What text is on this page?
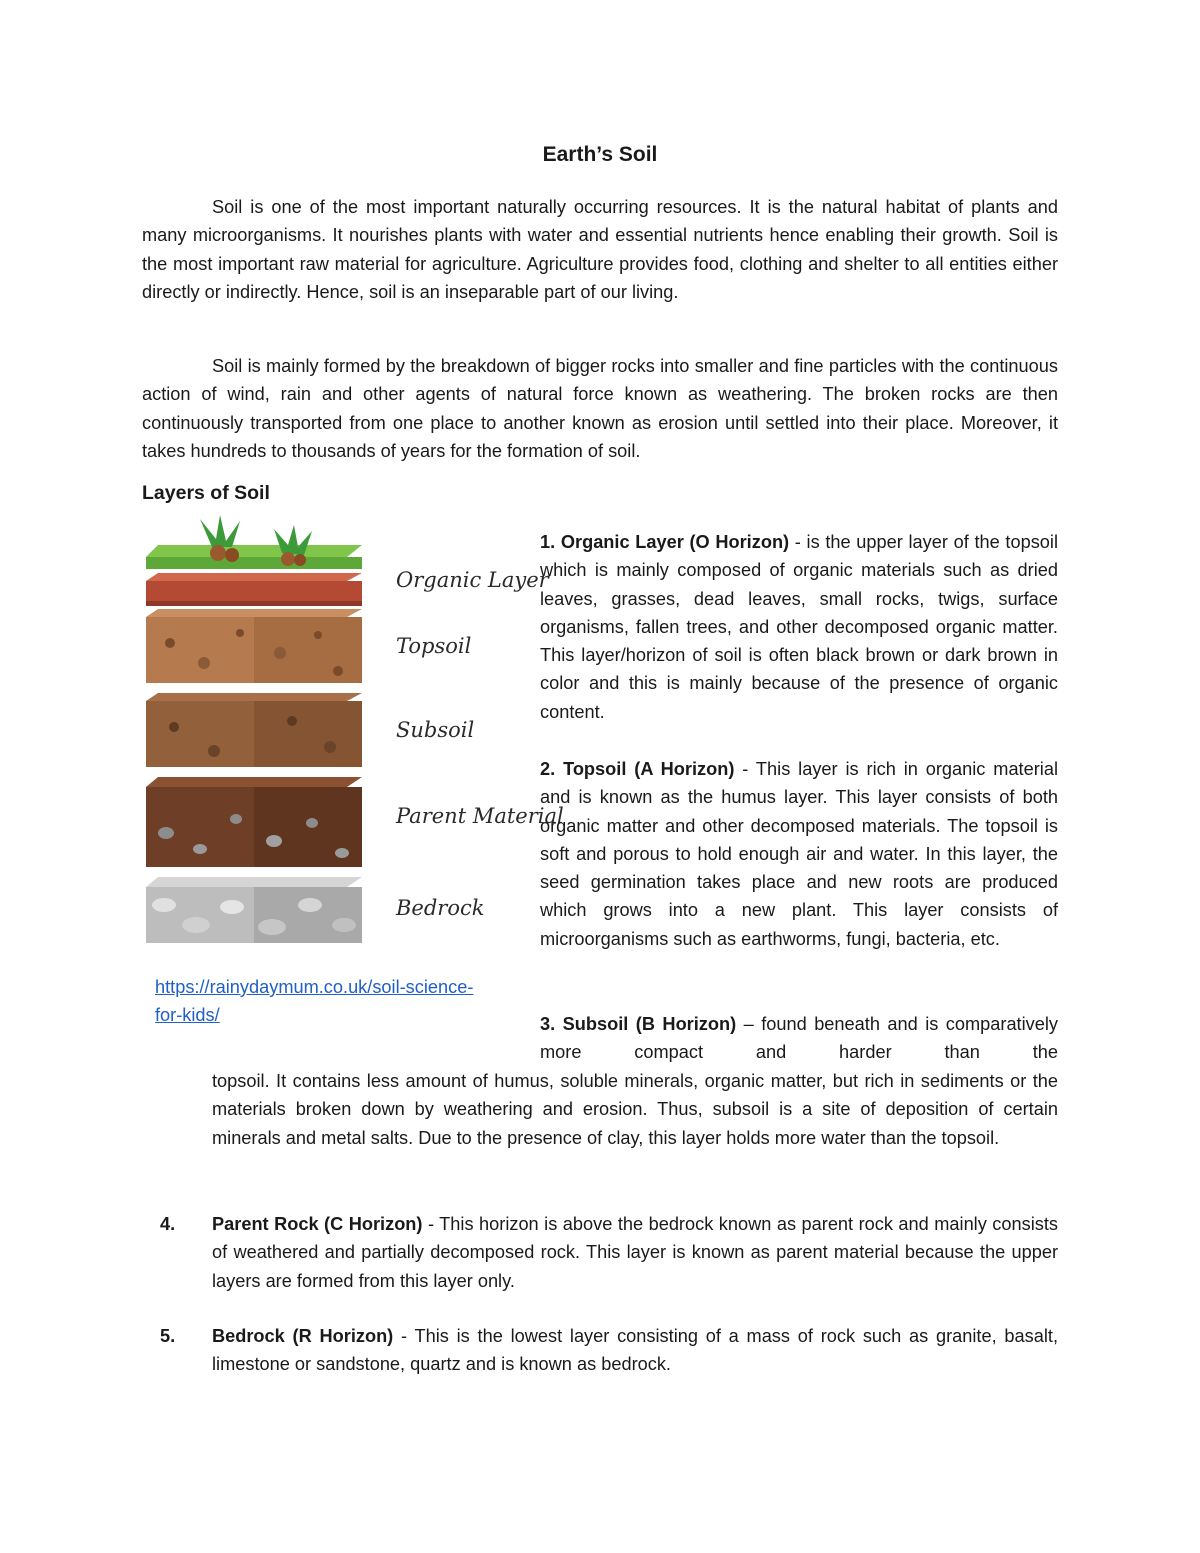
Earth’s Soil

Soil is one of the most important naturally occurring resources. It is the natural habitat of plants and many microorganisms. It nourishes plants with water and essential nutrients hence enabling their growth. Soil is the most important raw material for agriculture. Agriculture provides food, clothing and shelter to all entities either directly or indirectly. Hence, soil is an inseparable part of our living.

Soil is mainly formed by the breakdown of bigger rocks into smaller and fine particles with the continuous action of wind, rain and other agents of natural force known as weathering. The broken rocks are then continuously transported from one place to another known as erosion until settled into their place. Moreover, it takes hundreds to thousands of years for the formation of soil.

Layers of Soil
Organic Layer
Topsoil
Subsoil
Parent Material
Bedrock
https://rainydaymum.co.uk/soil-science-for-kids/

1. Organic Layer (O Horizon) - is the upper layer of the topsoil which is mainly composed of organic materials such as dried leaves, grasses, dead leaves, small rocks, twigs, surface organisms, fallen trees, and other decomposed organic matter. This layer/horizon of soil is often black brown or dark brown in color and this is mainly because of the presence of organic content.

2. Topsoil (A Horizon) - This layer is rich in organic material and is known as the humus layer. This layer consists of both organic matter and other decomposed materials. The topsoil is soft and porous to hold enough air and water. In this layer, the seed germination takes place and new roots are produced which grows into a new plant. This layer consists of microorganisms such as earthworms, fungi, bacteria, etc.

3. Subsoil (B Horizon) – found beneath and is comparatively more compact and harder than the

topsoil. It contains less amount of humus, soluble minerals, organic matter, but rich in sediments or the materials broken down by weathering and erosion. Thus, subsoil is a site of deposition of certain minerals and metal salts. Due to the presence of clay, this layer holds more water than the topsoil.

4. Parent Rock (C Horizon) - This horizon is above the bedrock known as parent rock and mainly consists of weathered and partially decomposed rock. This layer is known as parent material because the upper layers are formed from this layer only.

5. Bedrock (R Horizon) - This is the lowest layer consisting of a mass of rock such as granite, basalt, limestone or sandstone, quartz and is known as bedrock.
